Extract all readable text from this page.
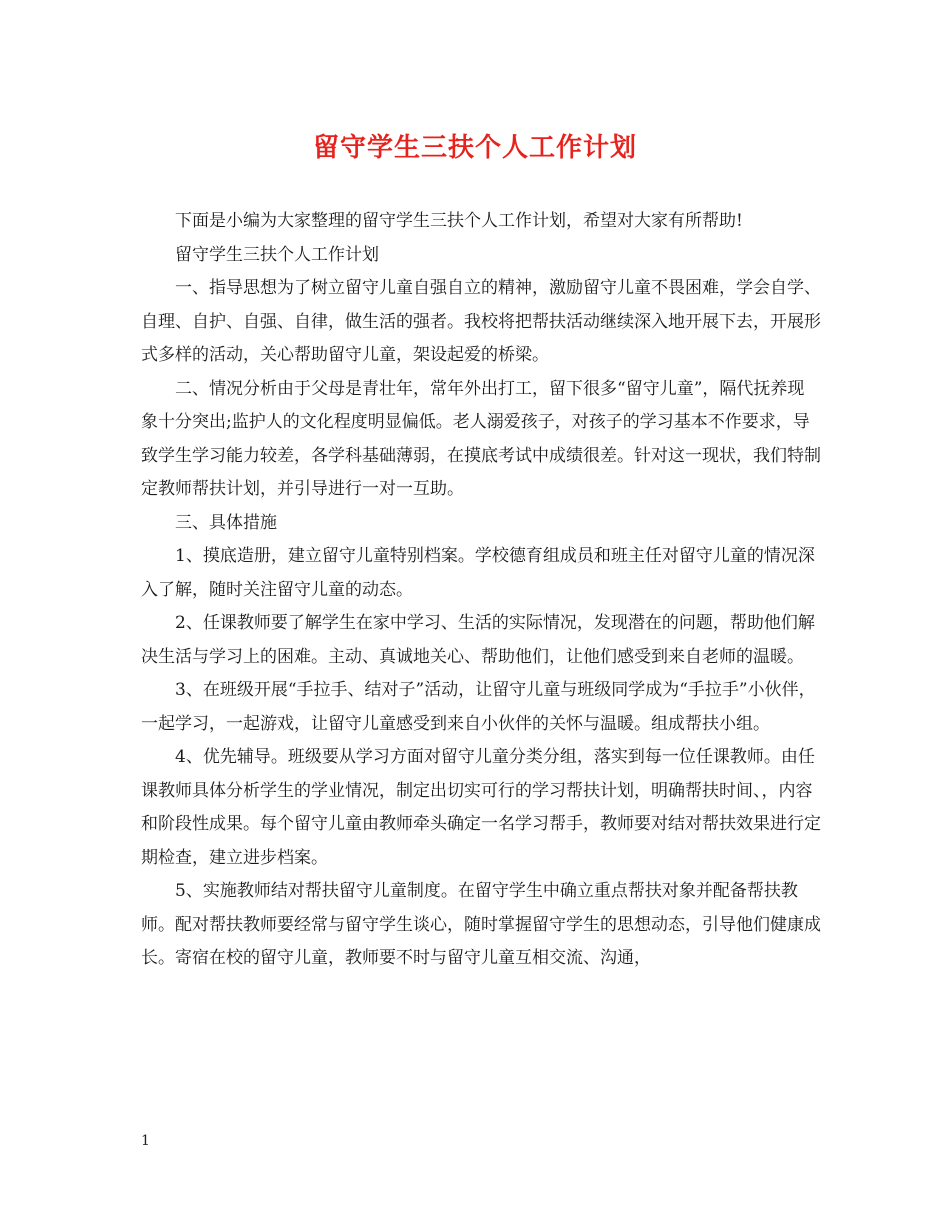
留守学生三扶个人工作计划

下面是小编为大家整理的留守学生三扶个人工作计划，希望对大家有所帮助!

留守学生三扶个人工作计划

一、指导思想为了树立留守儿童自强自立的精神，激励留守儿童不畏困难，学会自学、自理、自护、自强、自律，做生活的强者。我校将把帮扶活动继续深入地开展下去，开展形式多样的活动，关心帮助留守儿童，架设起爱的桥梁。

二、情况分析由于父母是青壮年，常年外出打工，留下很多“留守儿童”，隔代抚养现象十分突出;监护人的文化程度明显偏低。老人溺爱孩子，对孩子的学习基本不作要求，导致学生学习能力较差，各学科基础薄弱，在摸底考试中成绩很差。针对这一现状，我们特制定教师帮扶计划，并引导进行一对一互助。

三、具体措施

1、摸底造册，建立留守儿童特别档案。学校德育组成员和班主任对留守儿童的情况深入了解，随时关注留守儿童的动态。

2、任课教师要了解学生在家中学习、生活的实际情况，发现潜在的问题，帮助他们解决生活与学习上的困难。主动、真诚地关心、帮助他们，让他们感受到来自老师的温暖。

3、在班级开展“手拉手、结对子”活动，让留守儿童与班级同学成为“手拉手”小伙伴，一起学习，一起游戏，让留守儿童感受到来自小伙伴的关怀与温暖。组成帮扶小组。

4、优先辅导。班级要从学习方面对留守儿童分类分组，落实到每一位任课教师。由任课教师具体分析学生的学业情况，制定出切实可行的学习帮扶计划，明确帮扶时间、，内容和阶段性成果。每个留守儿童由教师牵头确定一名学习帮手，教师要对结对帮扶效果进行定期检查，建立进步档案。

5、实施教师结对帮扶留守儿童制度。在留守学生中确立重点帮扶对象并配备帮扶教师。配对帮扶教师要经常与留守学生谈心，随时掌握留守学生的思想动态，引导他们健康成长。寄宿在校的留守儿童，教师要不时与留守儿童互相交流、沟通，

1
